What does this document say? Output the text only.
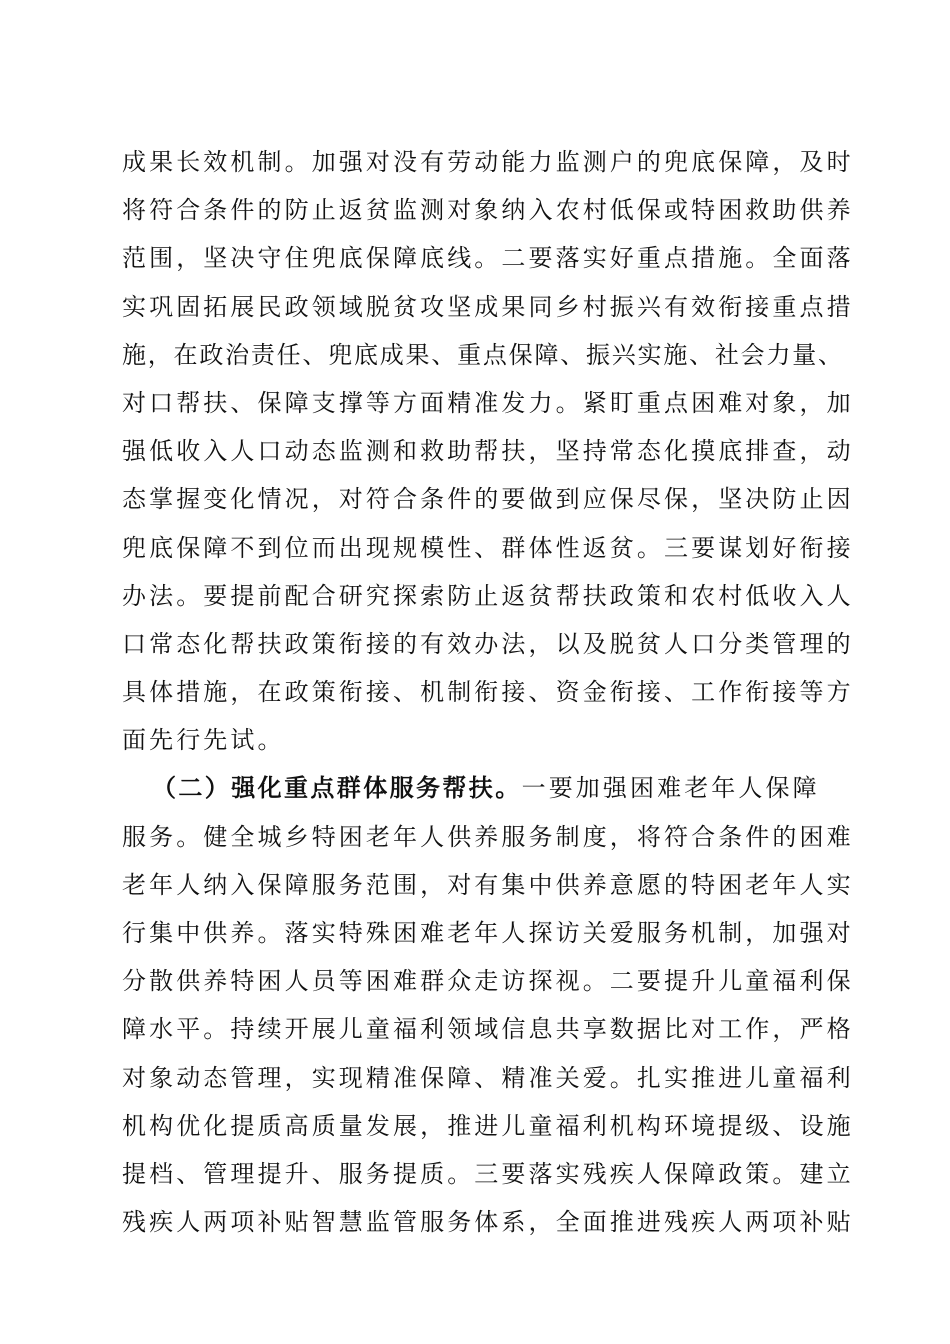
成果长效机制。加强对没有劳动能力监测户的兜底保障，及时
将符合条件的防止返贫监测对象纳入农村低保或特困救助供养
范围，坚决守住兜底保障底线。二要落实好重点措施。全面落
实巩固拓展民政领域脱贫攻坚成果同乡村振兴有效衔接重点措
施，在政治责任、兜底成果、重点保障、振兴实施、社会力量、
对口帮扶、保障支撑等方面精准发力。紧盯重点困难对象，加
强低收入人口动态监测和救助帮扶，坚持常态化摸底排查，动
态掌握变化情况，对符合条件的要做到应保尽保，坚决防止因
兜底保障不到位而出现规模性、群体性返贫。三要谋划好衔接
办法。要提前配合研究探索防止返贫帮扶政策和农村低收入人
口常态化帮扶政策衔接的有效办法，以及脱贫人口分类管理的
具体措施，在政策衔接、机制衔接、资金衔接、工作衔接等方
面先行先试。
（二）强化重点群体服务帮扶。一要加强困难老年人保障
服务。健全城乡特困老年人供养服务制度，将符合条件的困难
老年人纳入保障服务范围，对有集中供养意愿的特困老年人实
行集中供养。落实特殊困难老年人探访关爱服务机制，加强对
分散供养特困人员等困难群众走访探视。二要提升儿童福利保
障水平。持续开展儿童福利领域信息共享数据比对工作，严格
对象动态管理，实现精准保障、精准关爱。扎实推进儿童福利
机构优化提质高质量发展，推进儿童福利机构环境提级、设施
提档、管理提升、服务提质。三要落实残疾人保障政策。建立
残疾人两项补贴智慧监管服务体系，全面推进残疾人两项补贴
